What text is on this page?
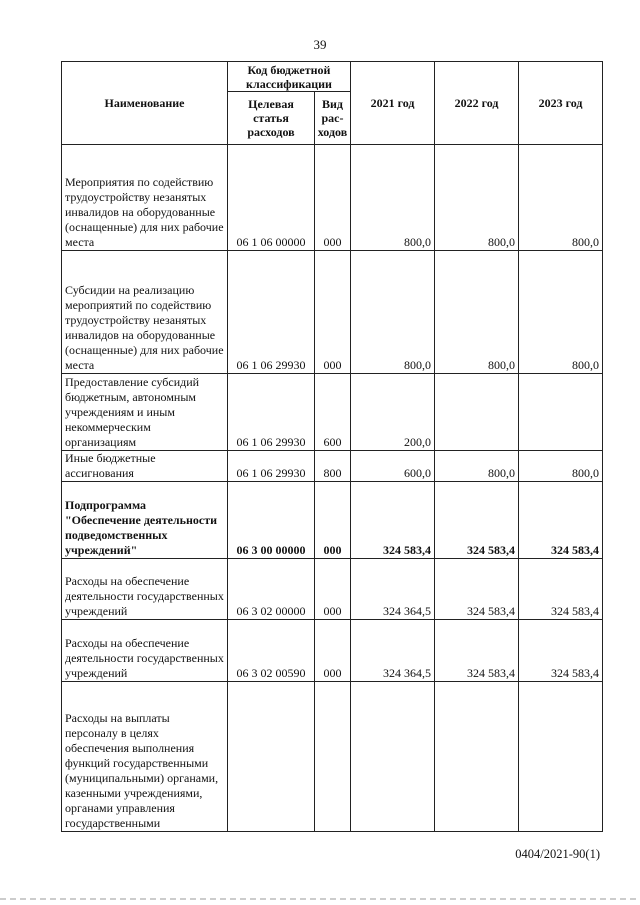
39
Наименование	Код бюджетной классификации		2021 год	2022 год	2023 год
	Целевая статья расходов	Вид рас-ходов			
Мероприятия по содействию трудоустройству незанятых инвалидов на оборудованные (оснащенные) для них рабочие места	06 1 06 00000	000	800,0	800,0	800,0
Субсидии на реализацию мероприятий по содействию трудоустройству незанятых инвалидов на оборудованные (оснащенные) для них рабочие места	06 1 06 29930	000	800,0	800,0	800,0
Предоставление субсидий бюджетным, автономным учреждениям и иным некоммерческим организациям	06 1 06 29930	600	200,0		
Иные бюджетные ассигнования	06 1 06 29930	800	600,0	800,0	800,0
Подпрограмма "Обеспечение деятельности подведомственных учреждений"	06 3 00 00000	000	324 583,4	324 583,4	324 583,4
Расходы на обеспечение деятельности государственных учреждений	06 3 02 00000	000	324 364,5	324 583,4	324 583,4
Расходы на обеспечение деятельности государственных учреждений	06 3 02 00590	000	324 364,5	324 583,4	324 583,4
Расходы на выплаты персоналу в целях обеспечения выполнения функций государственными (муниципальными) органами, казенными учреждениями, органами управления государственными					
0404/2021-90(1)
